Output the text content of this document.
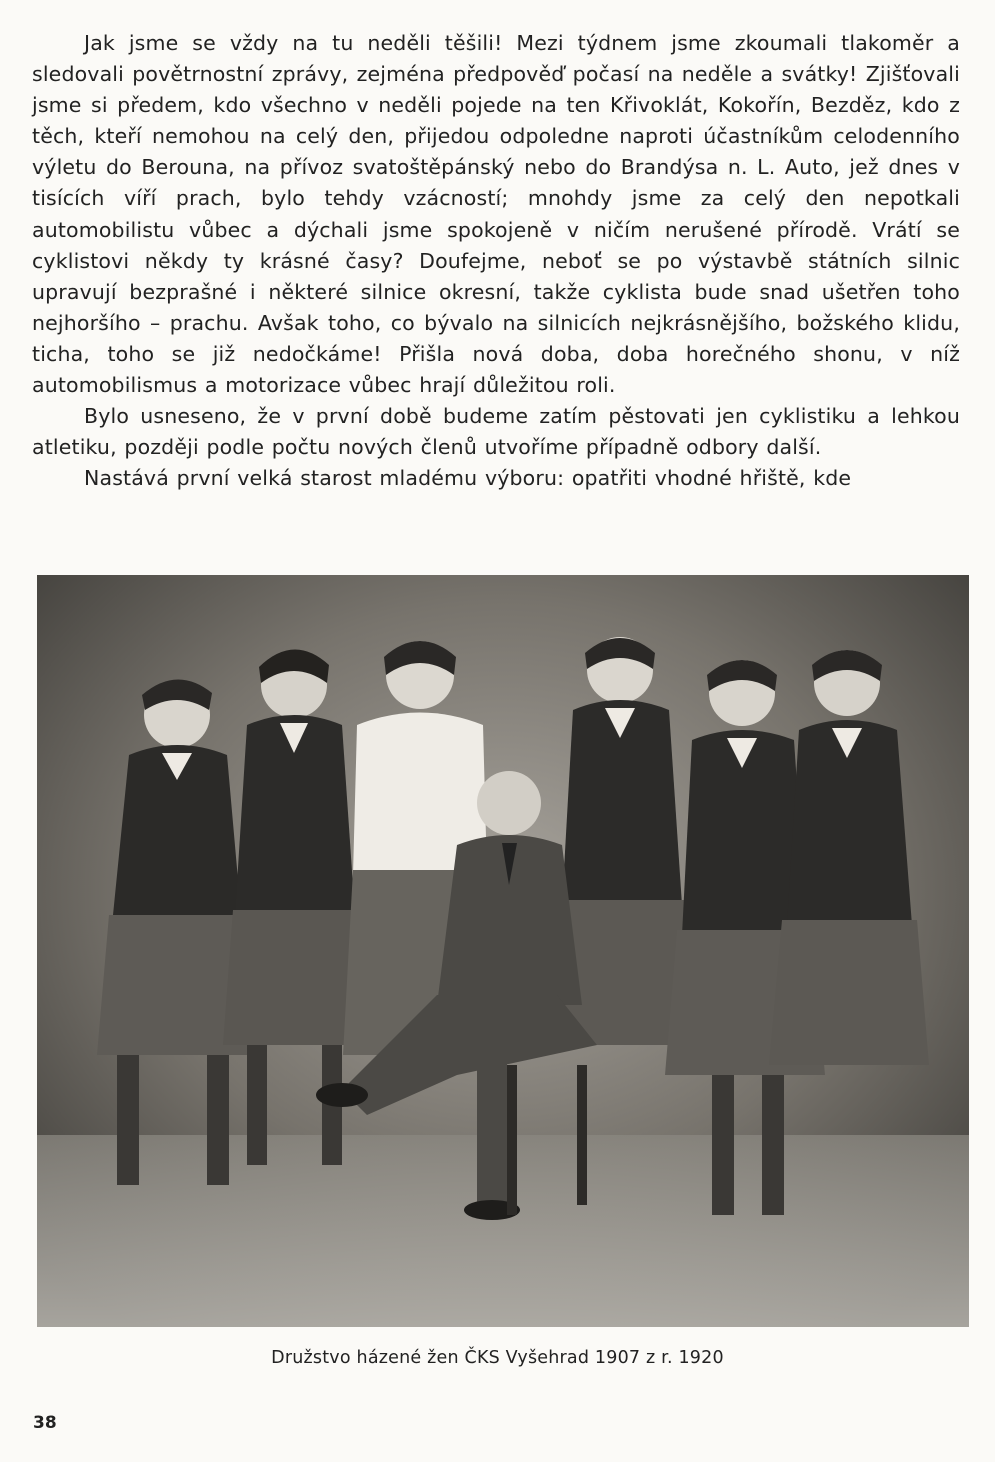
Jak jsme se vždy na tu neděli těšili! Mezi týdnem jsme zkoumali tlakoměr a sledovali povětrnostní zprávy, zejména předpověď počasí na neděle a svátky! Zjišťovali jsme si předem, kdo všechno v neděli pojede na ten Křivoklát, Kokořín, Bezděz, kdo z těch, kteří nemohou na celý den, přijedou odpoledne naproti účastníkům celodenního výletu do Berouna, na přívoz svatoštěpánský nebo do Brandýsa n. L. Auto, jež dnes v tisících víří prach, bylo tehdy vzácností; mnohdy jsme za celý den nepotkali automobilistu vůbec a dýchali jsme spokojeně v ničím nerušené přírodě. Vrátí se cyklistovi někdy ty krásné časy? Doufejme, neboť se po výstavbě státních silnic upravují bezprašné i některé silnice okresní, takže cyklista bude snad ušetřen toho nejhoršího – prachu. Avšak toho, co bývalo na silnicích nejkrásnějšího, božského klidu, ticha, toho se již nedočkáme! Přišla nová doba, doba horečného shonu, v níž automobilismus a motorizace vůbec hrají důležitou roli.

Bylo usneseno, že v první době budeme zatím pěstovati jen cyklistiku a lehkou atletiku, později podle počtu nových členů utvoříme případně odbory další.

Nastává první velká starost mladému výboru: opatřiti vhodné hřiště, kde

Družstvo házené žen ČKS Vyšehrad 1907 z r. 1920
38
